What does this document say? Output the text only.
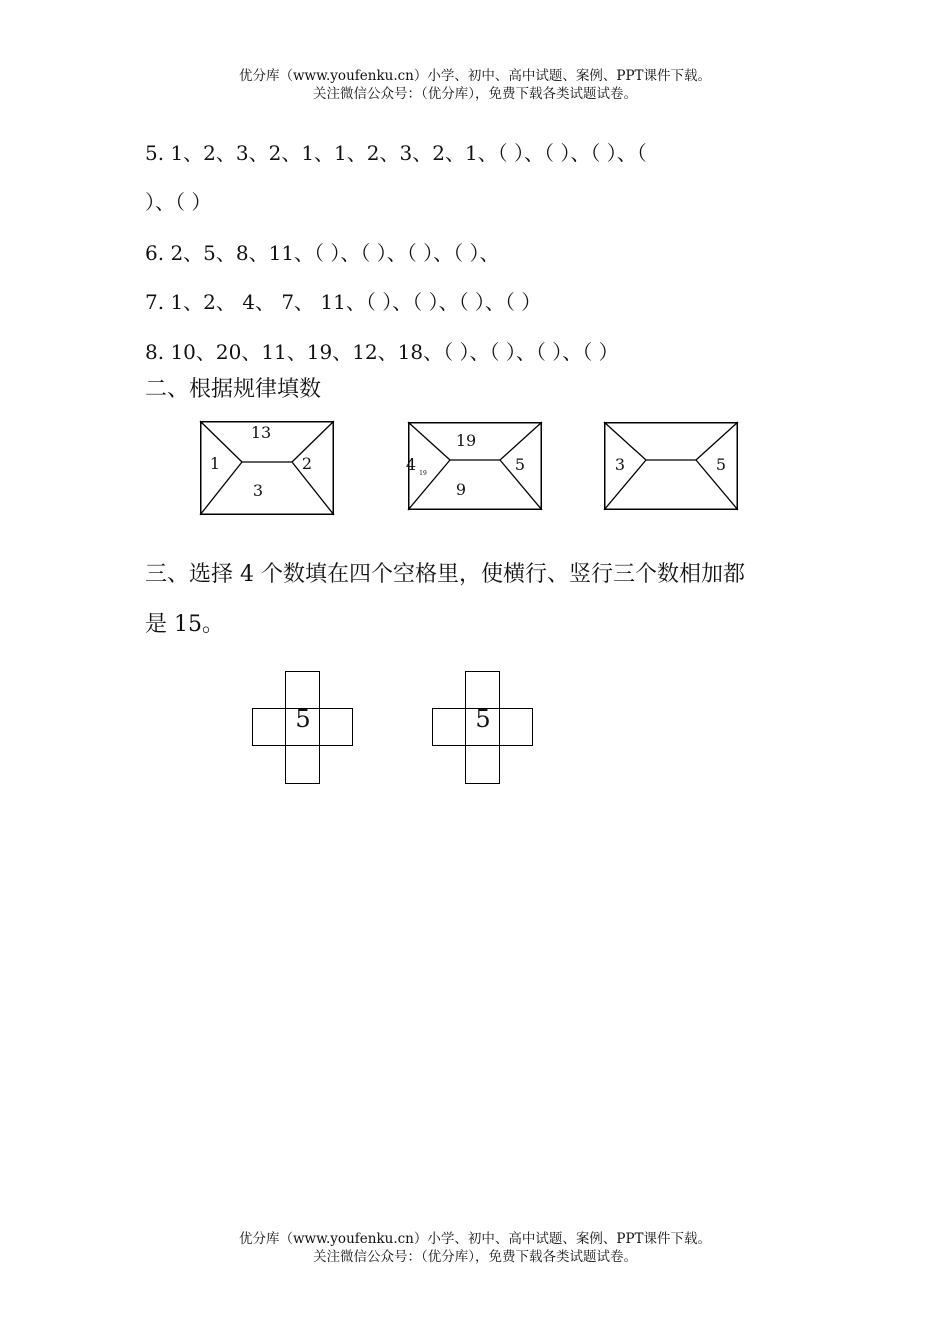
优分库（www.youfenku.cn）小学、初中、高中试题、案例、PPT课件下载。
关注微信公众号：（优分库），免费下载各类试题试卷。
5. 1、2、3、2、1、1、2、3、2、1、（ ）、（ ）、（ ）、（
）、（ ）
6. 2、5、8、11、（ ）、（ ）、（ ）、（ ）、
7. 1、2、 4、 7、 11、（ ）、（ ）、（ ）、（ ）
8. 10、20、11、19、12、18、（ ）、（ ）、（ ）、（ ）
二、根据规律填数
13
1	2
3
19
4 19	5
9
3	5
三、选择 4 个数填在四个空格里，使横行、竖行三个数相加都
是 15。
5	5
优分库（www.youfenku.cn）小学、初中、高中试题、案例、PPT课件下载。
关注微信公众号：（优分库），免费下载各类试题试卷。
